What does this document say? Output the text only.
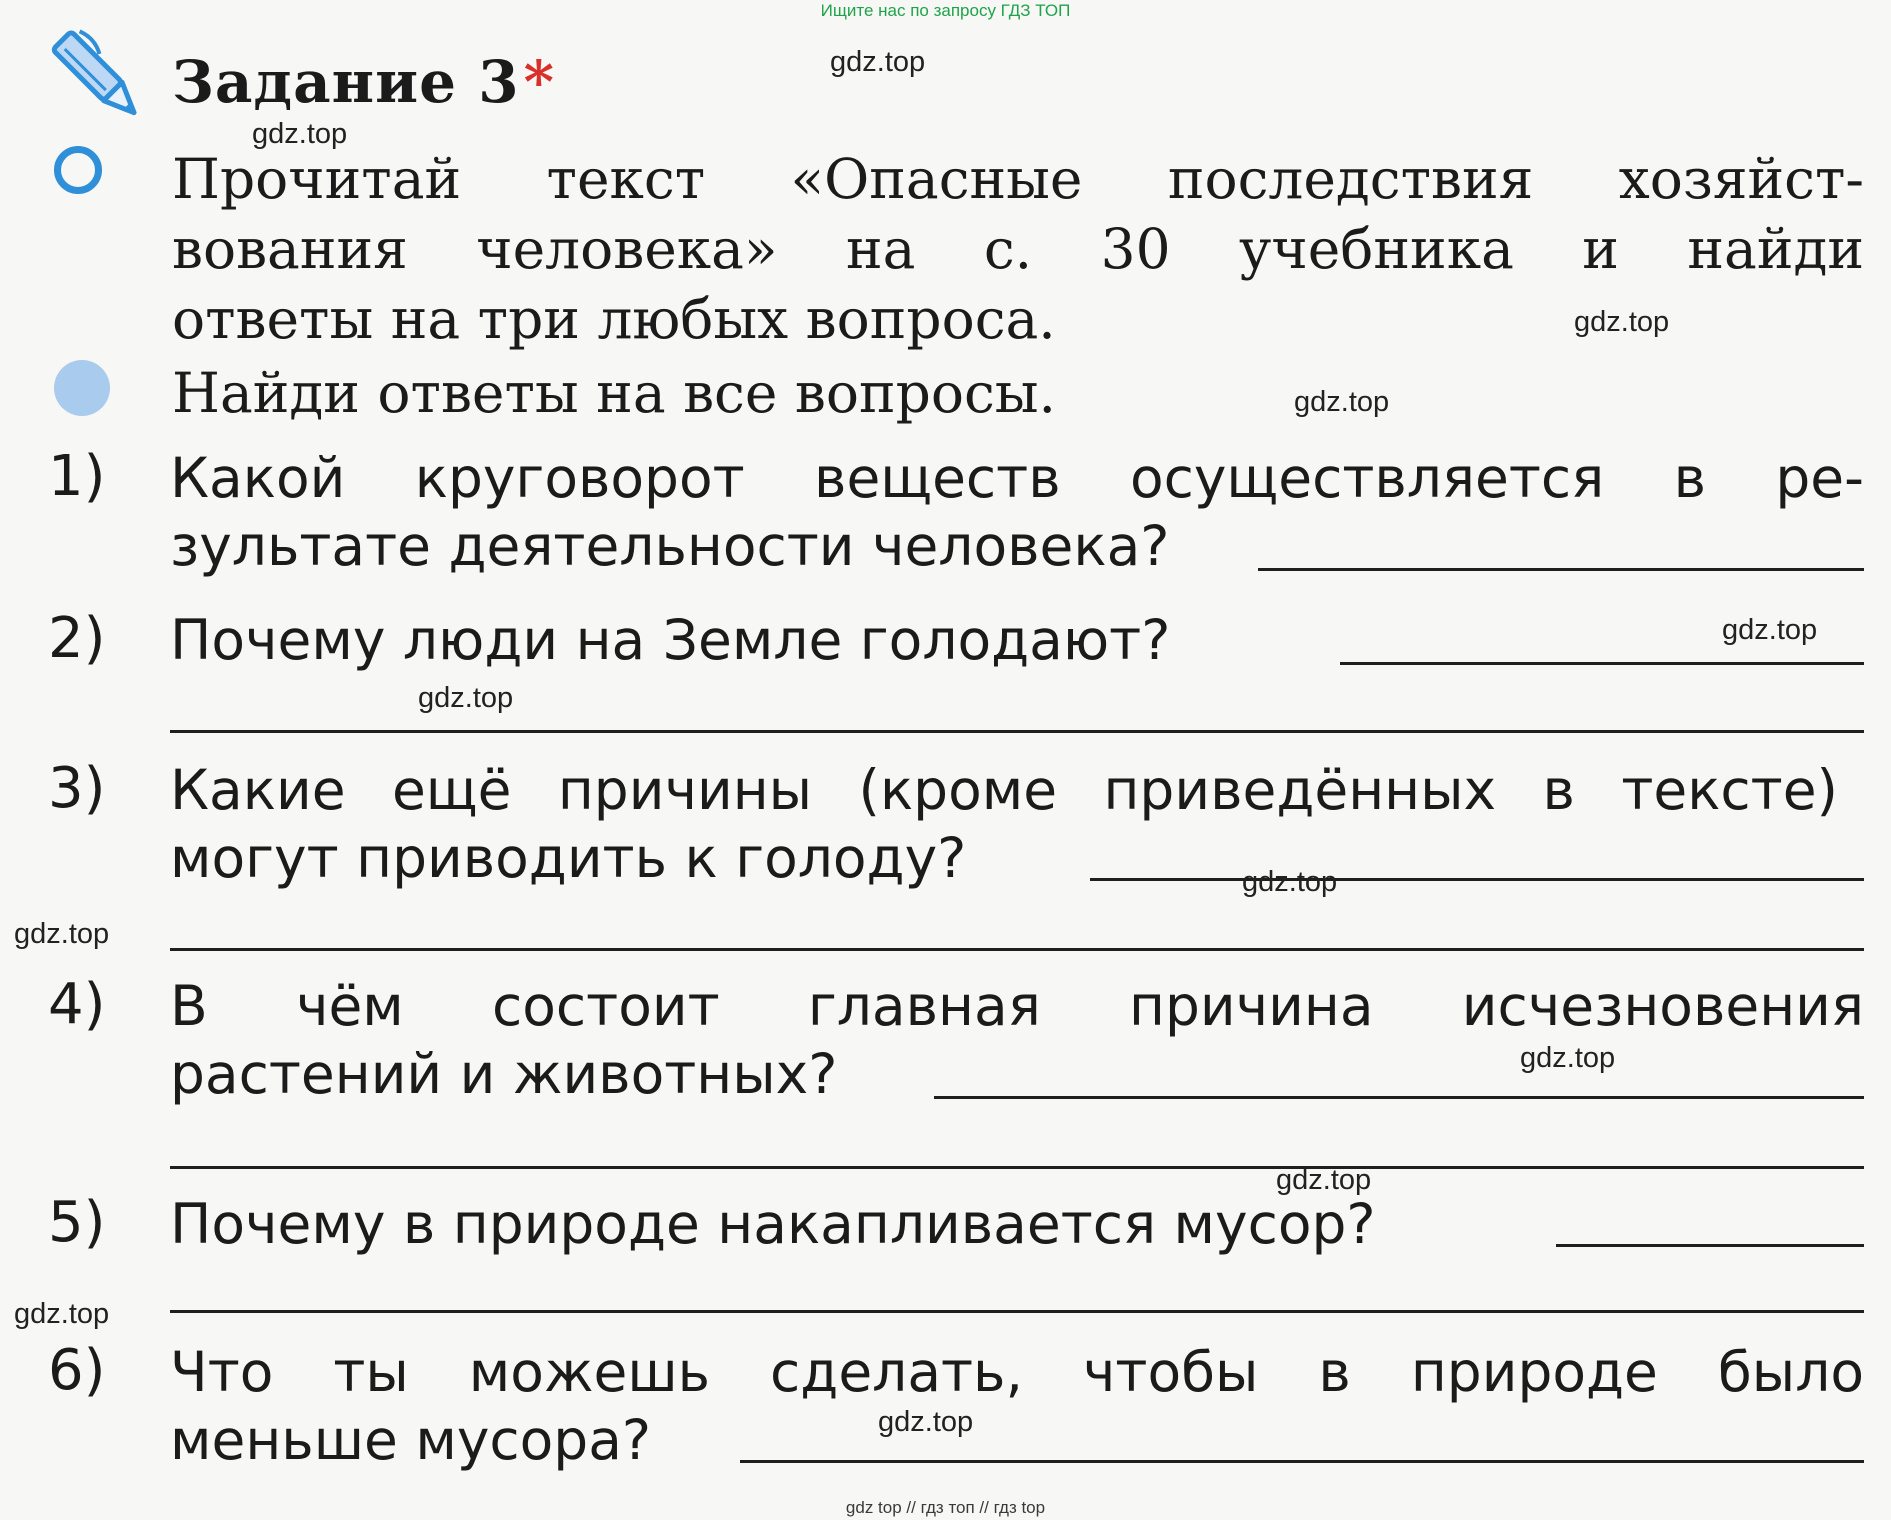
Ищите нас по запросу ГДЗ ТОП
Задание 3*
Прочитай текст «Опасные последствия хозяйст-
вования человека» на с. 30 учебника и найди
ответы на три любых вопроса.
Найди ответы на все вопросы.
1) Какой круговорот веществ осуществляется в ре-
зультате деятельности человека?
2) Почему люди на Земле голодают?
3) Какие ещё причины (кроме приведённых в тексте)
могут приводить к голоду?
4) В чём состоит главная причина исчезновения
растений и животных?
5) Почему в природе накапливается мусор?
6) Что ты можешь сделать, чтобы в природе было
меньше мусора?
gdz.top
gdz.top
gdz.top
gdz.top
gdz.top
gdz.top
gdz.top
gdz.top
gdz.top
gdz.top
gdz.top
gdz.top
gdz top // гдз топ // гдз top
